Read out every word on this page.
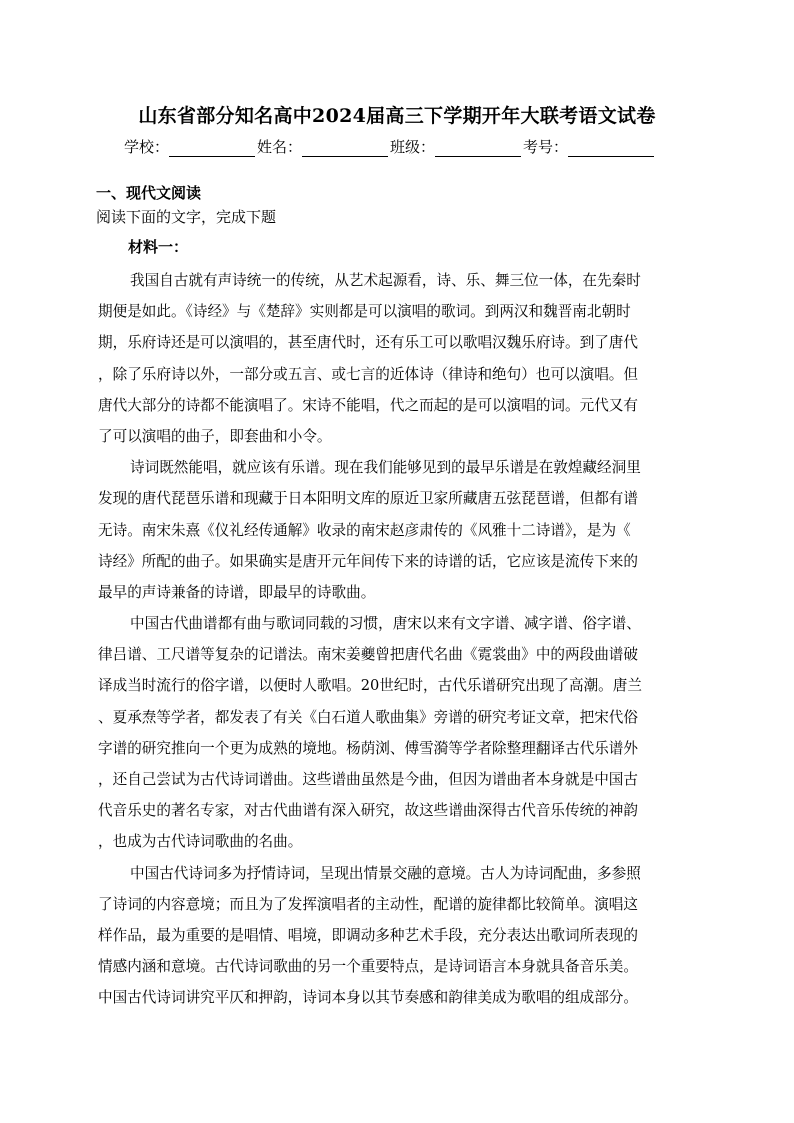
山东省部分知名高中2024届高三下学期开年大联考语文试卷
学校：	姓名：	班级：	考号：
一、现代文阅读
阅读下面的文字，完成下题
材料一：
我国自古就有声诗统一的传统，从艺术起源看，诗、乐、舞三位一体，在先秦时
期便是如此。《诗经》与《楚辞》实则都是可以演唱的歌词。到两汉和魏晋南北朝时
期，乐府诗还是可以演唱的，甚至唐代时，还有乐工可以歌唱汉魏乐府诗。到了唐代
，除了乐府诗以外，一部分或五言、或七言的近体诗（律诗和绝句）也可以演唱。但
唐代大部分的诗都不能演唱了。宋诗不能唱，代之而起的是可以演唱的词。元代又有
了可以演唱的曲子，即套曲和小令。
诗词既然能唱，就应该有乐谱。现在我们能够见到的最早乐谱是在敦煌藏经洞里
发现的唐代琵琶乐谱和现藏于日本阳明文库的原近卫家所藏唐五弦琵琶谱，但都有谱
无诗。南宋朱熹《仪礼经传通解》收录的南宋赵彦肃传的《风雅十二诗谱》，是为《
诗经》所配的曲子。如果确实是唐开元年间传下来的诗谱的话，它应该是流传下来的
最早的声诗兼备的诗谱，即最早的诗歌曲。
中国古代曲谱都有曲与歌词同载的习惯，唐宋以来有文字谱、减字谱、俗字谱、
律吕谱、工尺谱等复杂的记谱法。南宋姜夔曾把唐代名曲《霓裳曲》中的两段曲谱破
译成当时流行的俗字谱，以便时人歌唱。20世纪时，古代乐谱研究出现了高潮。唐兰
、夏承焘等学者，都发表了有关《白石道人歌曲集》旁谱的研究考证文章，把宋代俗
字谱的研究推向一个更为成熟的境地。杨荫浏、傅雪漪等学者除整理翻译古代乐谱外
，还自己尝试为古代诗词谱曲。这些谱曲虽然是今曲，但因为谱曲者本身就是中国古
代音乐史的著名专家，对古代曲谱有深入研究，故这些谱曲深得古代音乐传统的神韵
，也成为古代诗词歌曲的名曲。
中国古代诗词多为抒情诗词，呈现出情景交融的意境。古人为诗词配曲，多参照
了诗词的内容意境；而且为了发挥演唱者的主动性，配谱的旋律都比较简单。演唱这
样作品，最为重要的是唱情、唱境，即调动多种艺术手段，充分表达出歌词所表现的
情感内涵和意境。古代诗词歌曲的另一个重要特点，是诗词语言本身就具备音乐美。
中国古代诗词讲究平仄和押韵，诗词本身以其节奏感和韵律美成为歌唱的组成部分。
